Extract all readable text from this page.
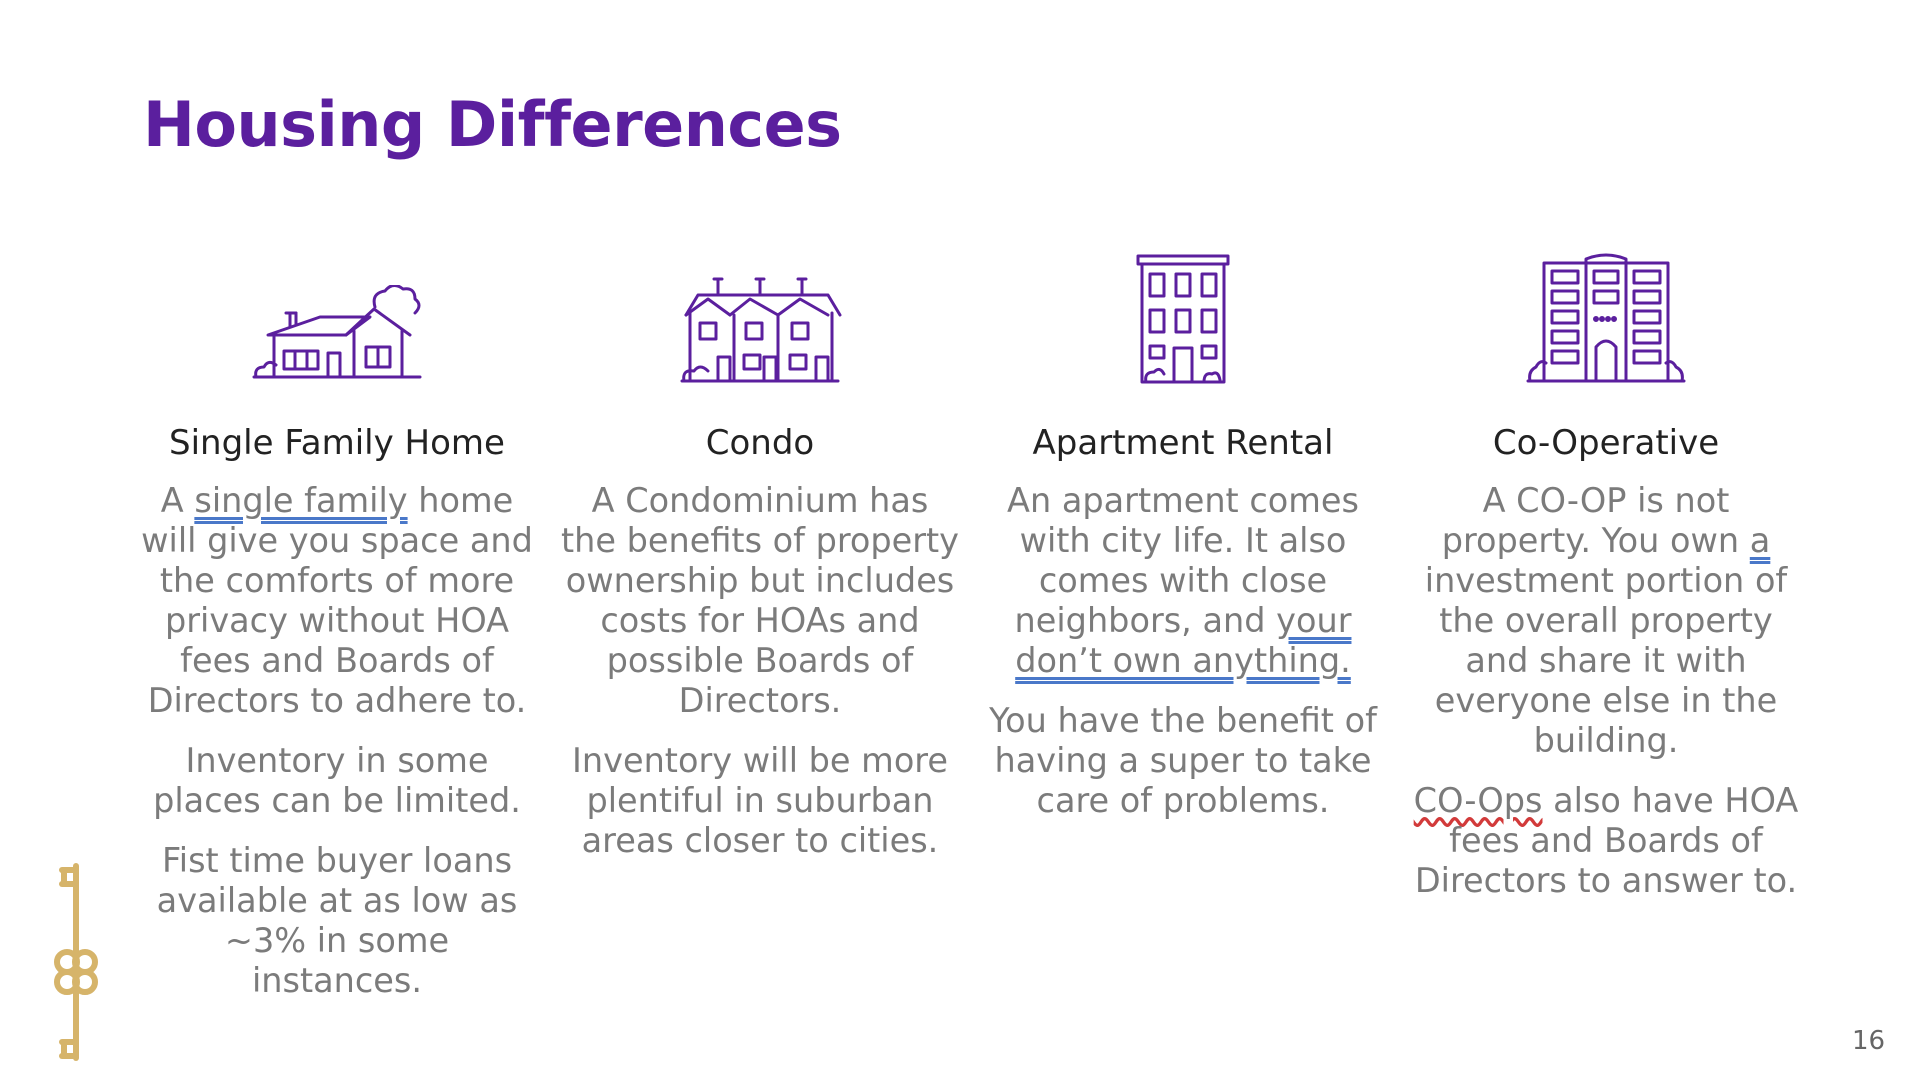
Housing Differences
Single Family Home

A single family home will give you space and the comforts of more privacy without HOA fees and Boards of Directors to adhere to.

Inventory in some places can be limited.

Fist time buyer loans available at as low as ~3% in some instances.

Condo

A Condominium has the benefits of property ownership but includes costs for HOAs and possible Boards of Directors.

Inventory will be more plentiful in suburban areas closer to cities.

Apartment Rental

An apartment comes with city life. It also comes with close neighbors, and your don’t own anything.

You have the benefit of having a super to take care of problems.

Co-Operative

A CO-OP is not property. You own a investment portion of the overall property and share it with everyone else in the building.

CO-Ops also have HOA fees and Boards of Directors to answer to.

16
